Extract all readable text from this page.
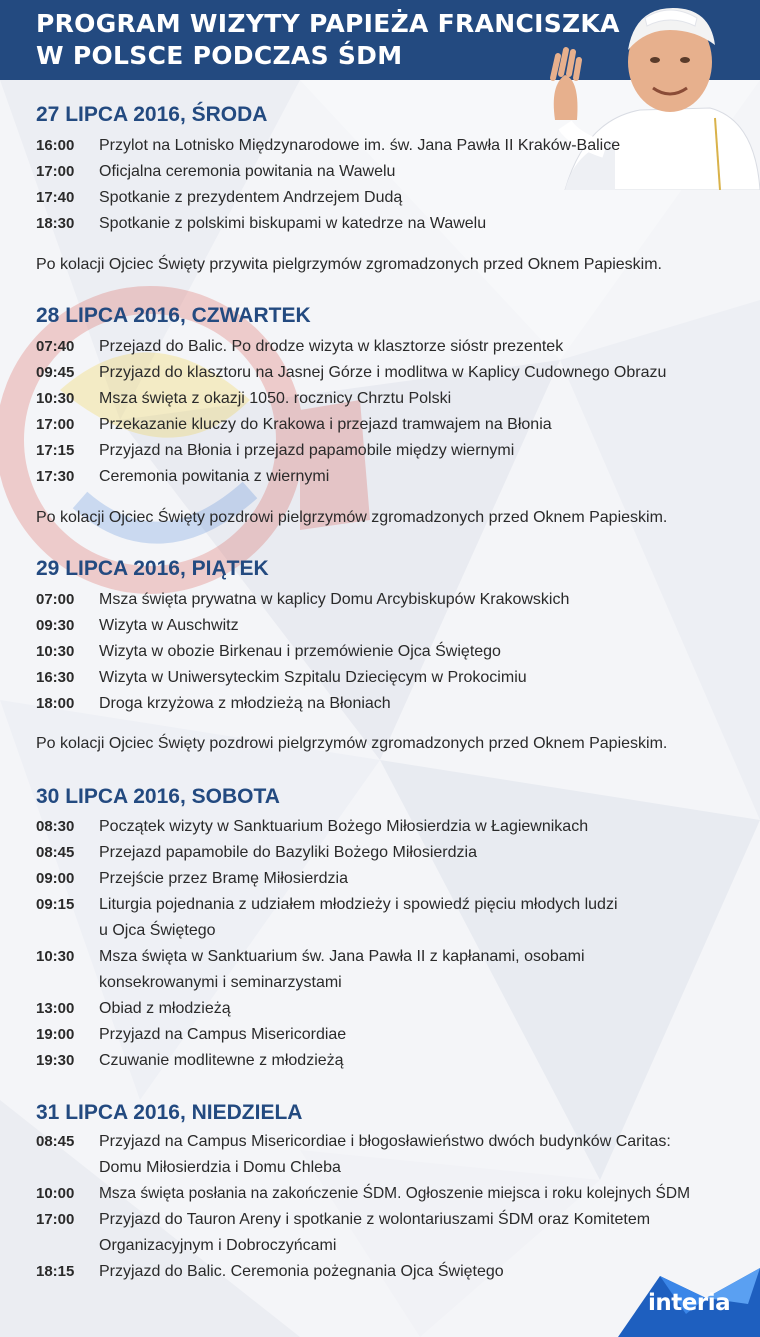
PROGRAM WIZYTY PAPIEŻA FRANCISZKA
W POLSCE PODCZAS ŚDM
27 LIPCA 2016, ŚRODA
16:00	Przylot na Lotnisko Międzynarodowe im. św. Jana Pawła II Kraków-Balice
17:00	Oficjalna ceremonia powitania na Wawelu
17:40	Spotkanie z prezydentem Andrzejem Dudą
18:30	Spotkanie z polskimi biskupami w katedrze na Wawelu

Po kolacji Ojciec Święty przywita pielgrzymów zgromadzonych przed Oknem Papieskim.

28 LIPCA 2016, CZWARTEK
07:40	Przejazd do Balic. Po drodze wizyta w klasztorze sióstr prezentek
09:45	Przyjazd do klasztoru na Jasnej Górze i modlitwa w Kaplicy Cudownego Obrazu
10:30	Msza święta z okazji 1050. rocznicy Chrztu Polski
17:00	Przekazanie kluczy do Krakowa i przejazd tramwajem na Błonia
17:15	Przyjazd na Błonia i przejazd papamobile między wiernymi
17:30	Ceremonia powitania z wiernymi

Po kolacji Ojciec Święty pozdrowi pielgrzymów zgromadzonych przed Oknem Papieskim.

29 LIPCA 2016, PIĄTEK
07:00	Msza święta prywatna w kaplicy Domu Arcybiskupów Krakowskich
09:30	Wizyta w Auschwitz
10:30	Wizyta w obozie Birkenau i przemówienie Ojca Świętego
16:30	Wizyta w Uniwersyteckim Szpitalu Dziecięcym w Prokocimiu
18:00	Droga krzyżowa z młodzieżą na Błoniach

Po kolacji Ojciec Święty pozdrowi pielgrzymów zgromadzonych przed Oknem Papieskim.

30 LIPCA 2016, SOBOTA
08:30	Początek wizyty w Sanktuarium Bożego Miłosierdzia w Łagiewnikach
08:45	Przejazd papamobile do Bazyliki Bożego Miłosierdzia
09:00	Przejście przez Bramę Miłosierdzia
09:15	Liturgia pojednania z udziałem młodzieży i spowiedź pięciu młodych ludzi
u Ojca Świętego
10:30	Msza święta w Sanktuarium św. Jana Pawła II z kapłanami, osobami
konsekrowanymi i seminarzystami
13:00	Obiad z młodzieżą
19:00	Przyjazd na Campus Misericordiae
19:30	Czuwanie modlitewne z młodzieżą
31 LIPCA 2016, NIEDZIELA
08:45	Przyjazd na Campus Misericordiae i błogosławieństwo dwóch budynków Caritas:
Domu Miłosierdzia i Domu Chleba
10:00	Msza święta posłania na zakończenie ŚDM. Ogłoszenie miejsca i roku kolejnych ŚDM
17:00	Przyjazd do Tauron Areny i spotkanie z wolontariuszami ŚDM oraz Komitetem
Organizacyjnym i Dobroczyńcami
18:15	Przyjazd do Balic. Ceremonia pożegnania Ojca Świętego
interia
